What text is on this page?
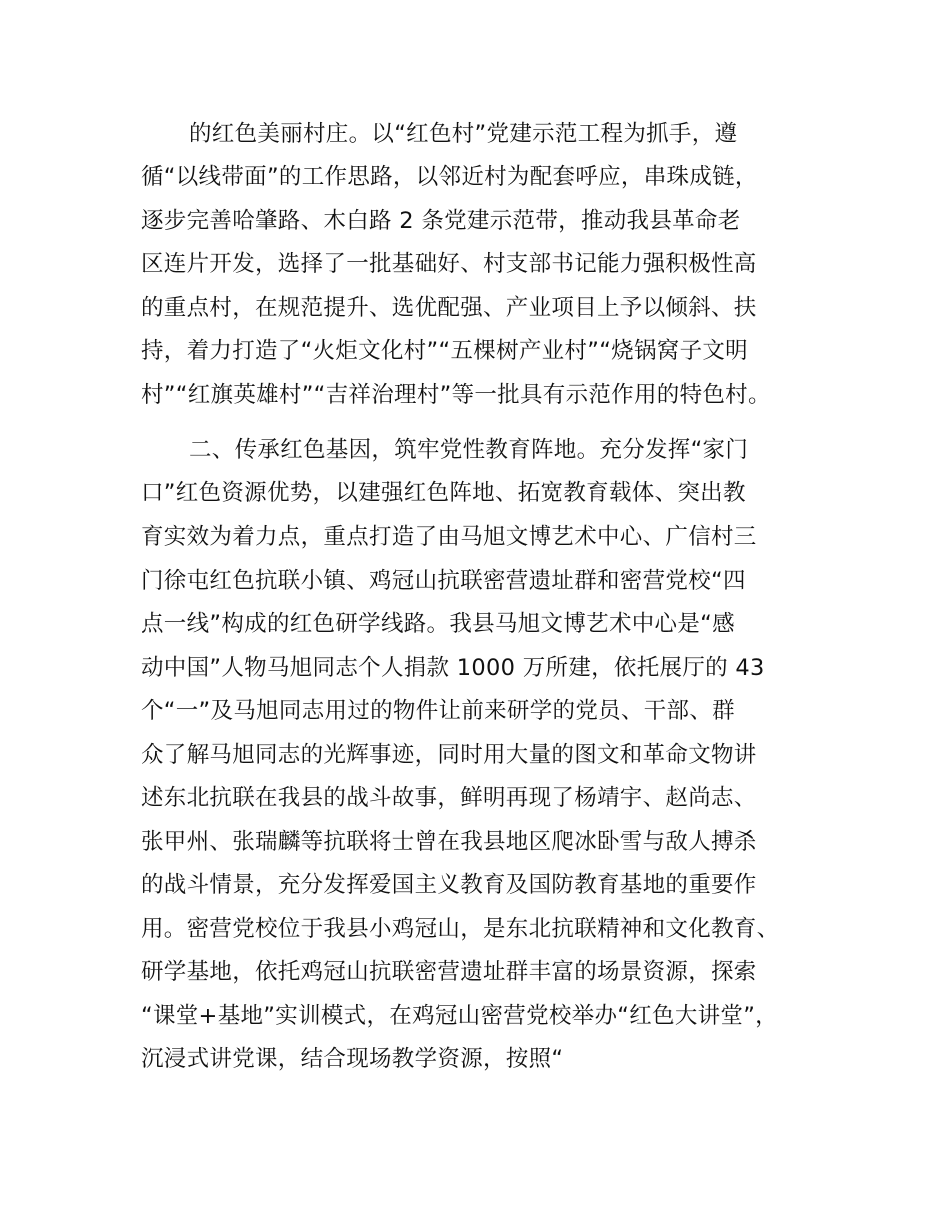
的红色美丽村庄。以“红色村”党建示范工程为抓手，遵
循“以线带面”的工作思路，以邻近村为配套呼应，串珠成链，
逐步完善哈肇路、木白路 2 条党建示范带，推动我县革命老
区连片开发，选择了一批基础好、村支部书记能力强积极性高
的重点村，在规范提升、选优配强、产业项目上予以倾斜、扶
持，着力打造了“火炬文化村”“五棵树产业村”“烧锅窝子文明
村”“红旗英雄村”“吉祥治理村”等一批具有示范作用的特色村。
二、传承红色基因，筑牢党性教育阵地。充分发挥“家门
口”红色资源优势，以建强红色阵地、拓宽教育载体、突出教
育实效为着力点，重点打造了由马旭文博艺术中心、广信村三
门徐屯红色抗联小镇、鸡冠山抗联密营遗址群和密营党校“四
点一线”构成的红色研学线路。我县马旭文博艺术中心是“感
动中国”人物马旭同志个人捐款 1000 万所建，依托展厅的 43
个“一”及马旭同志用过的物件让前来研学的党员、干部、群
众了解马旭同志的光辉事迹，同时用大量的图文和革命文物讲
述东北抗联在我县的战斗故事，鲜明再现了杨靖宇、赵尚志、
张甲州、张瑞麟等抗联将士曾在我县地区爬冰卧雪与敌人搏杀
的战斗情景，充分发挥爱国主义教育及国防教育基地的重要作
用。密营党校位于我县小鸡冠山，是东北抗联精神和文化教育、
研学基地，依托鸡冠山抗联密营遗址群丰富的场景资源，探索
“课堂+基地”实训模式，在鸡冠山密营党校举办“红色大讲堂”，
沉浸式讲党课，结合现场教学资源，按照“
